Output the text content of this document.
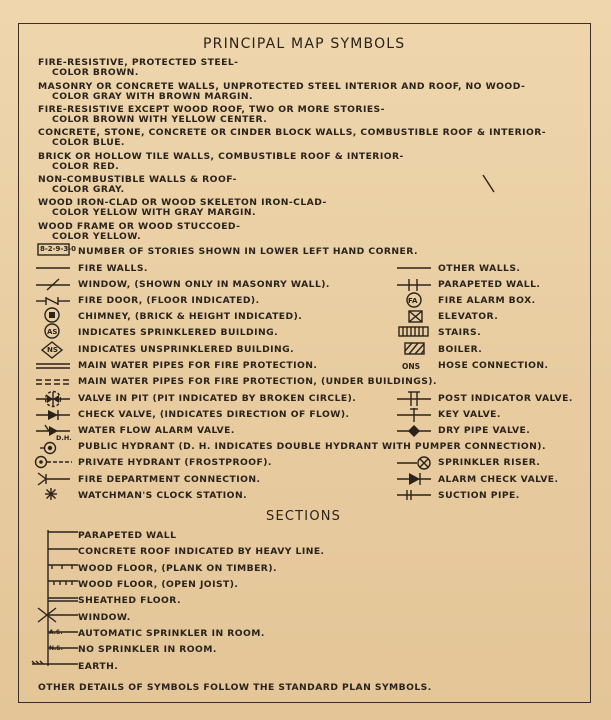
PRINCIPAL MAP SYMBOLS
FIRE-RESISTIVE, PROTECTED STEEL-
COLOR BROWN.
MASONRY OR CONCRETE WALLS, UNPROTECTED STEEL INTERIOR AND ROOF, NO WOOD-
COLOR GRAY WITH BROWN MARGIN.
FIRE-RESISTIVE EXCEPT WOOD ROOF, TWO OR MORE STORIES-
COLOR BROWN WITH YELLOW CENTER.
CONCRETE, STONE, CONCRETE OR CINDER BLOCK WALLS, COMBUSTIBLE ROOF & INTERIOR-
COLOR BLUE.
BRICK OR HOLLOW TILE WALLS, COMBUSTIBLE ROOF & INTERIOR-
COLOR RED.
NON-COMBUSTIBLE WALLS & ROOF-
COLOR GRAY.
WOOD IRON-CLAD OR WOOD SKELETON IRON-CLAD-
COLOR YELLOW WITH GRAY MARGIN.
WOOD FRAME OR WOOD STUCCOED-
COLOR YELLOW.
8-2-9-3-0 NUMBER OF STORIES SHOWN IN LOWER LEFT HAND CORNER.
FIRE WALLS.
WINDOW, (SHOWN ONLY IN MASONRY WALL).
FIRE DOOR, (FLOOR INDICATED).
CHIMNEY, (BRICK & HEIGHT INDICATED).
INDICATES SPRINKLERED BUILDING.
INDICATES UNSPRINKLERED BUILDING.
MAIN WATER PIPES FOR FIRE PROTECTION.
MAIN WATER PIPES FOR FIRE PROTECTION, (UNDER BUILDINGS).
VALVE IN PIT (PIT INDICATED BY BROKEN CIRCLE).
CHECK VALVE, (INDICATES DIRECTION OF FLOW).
WATER FLOW ALARM VALVE.
PUBLIC HYDRANT (D. H. INDICATES DOUBLE HYDRANT WITH PUMPER CONNECTION).
PRIVATE HYDRANT (FROSTPROOF).
FIRE DEPARTMENT CONNECTION.
WATCHMAN'S CLOCK STATION.
AS
NS
D.H.
OTHER WALLS.
PARAPETED WALL.
FIRE ALARM BOX.
ELEVATOR.
STAIRS.
BOILER.
HOSE CONNECTION.
POST INDICATOR VALVE.
KEY VALVE.
DRY PIPE VALVE.
SPRINKLER RISER.
ALARM CHECK VALVE.
SUCTION PIPE.
FA
ONS
SECTIONS
A.S.
N.S.
PARAPETED WALL
CONCRETE ROOF INDICATED BY HEAVY LINE.
WOOD FLOOR, (PLANK ON TIMBER).
WOOD FLOOR, (OPEN JOIST).
SHEATHED FLOOR.
WINDOW.
AUTOMATIC SPRINKLER IN ROOM.
NO SPRINKLER IN ROOM.
EARTH.
OTHER DETAILS OF SYMBOLS FOLLOW THE STANDARD PLAN SYMBOLS.
